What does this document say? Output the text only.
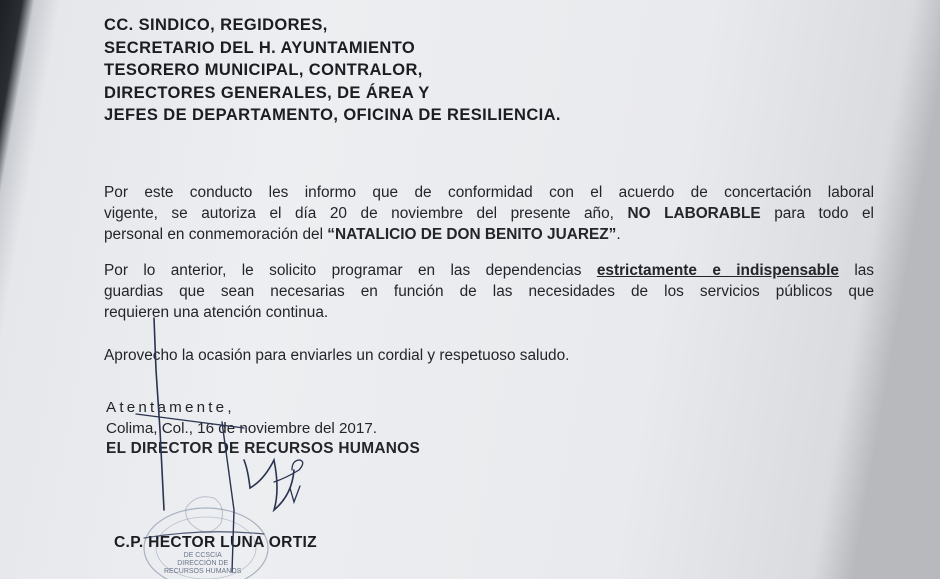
CC. SINDICO, REGIDORES,
SECRETARIO DEL H. AYUNTAMIENTO
TESORERO MUNICIPAL, CONTRALOR,
DIRECTORES GENERALES, DE ÁREA Y
JEFES DE DEPARTAMENTO, OFICINA DE RESILIENCIA.
Por este conducto les informo que de conformidad con el acuerdo de concertación laboral
vigente, se autoriza el día 20 de noviembre del presente año, NO LABORABLE para todo el
personal en conmemoración del “NATALICIO DE DON BENITO JUAREZ”.
Por lo anterior, le solicito programar en las dependencias estrictamente e indispensable las
guardias que sean necesarias en función de las necesidades de los servicios públicos que
requieren una atención continua.
Aprovecho la ocasión para enviarles un cordial y respetuoso saludo.
Atentamente,
Colima, Col., 16 de noviembre del 2017.
EL DIRECTOR DE RECURSOS HUMANOS
C.P. HECTOR LUNA ORTIZ
DE CCSCIA
DIRECCIÓN DE
RECURSOS HUMANOS
